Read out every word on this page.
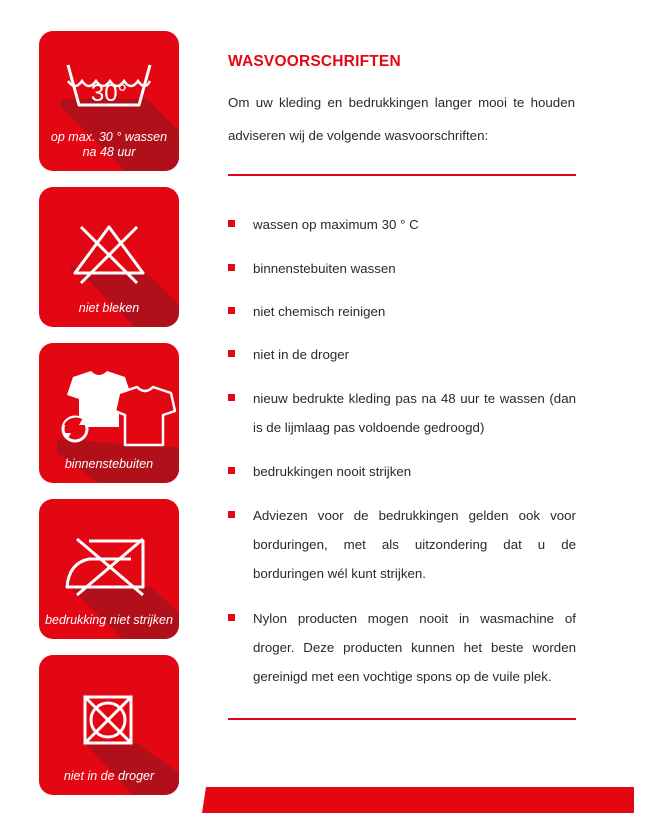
30°
op max. 30 ° wassen
na 48 uur
niet bleken
binnenstebuiten
bedrukking niet strijken
niet in de droger
WASVOORSCHRIFTEN

Om uw kleding en bedrukkingen langer mooi te houden adviseren wij de volgende wasvoorschriften:

wassen op maximum 30 ° C
binnenstebuiten wassen
niet chemisch reinigen
niet in de droger
nieuw bedrukte kleding pas na 48 uur te wassen (dan is de lijmlaag pas voldoende gedroogd)
bedrukkingen nooit strijken
Adviezen voor de bedrukkingen gelden ook voor borduringen, met als uitzondering dat u de borduringen wél kunt strijken.
Nylon producten mogen nooit in wasmachine of droger. Deze producten kunnen het beste worden gereinigd met een vochtige spons op de vuile plek.
